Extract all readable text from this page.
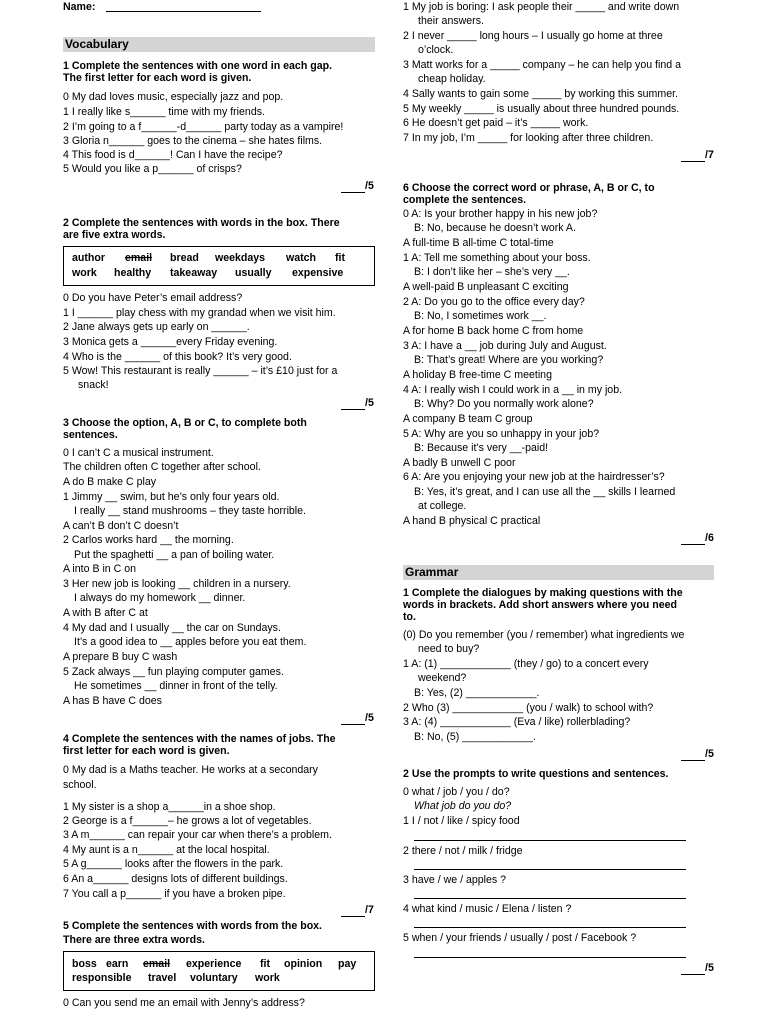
Name:
Vocabulary
1 Complete the sentences with one word in each gap.
The first letter for each word is given.
0 My dad loves music, especially jazz and pop.
1 I really like s______ time with my friends.
2 I’m going to a f______-d______ party today as a vampire!
3 Gloria n______ goes to the cinema – she hates films.
4 This food is d______! Can I have the recipe?
5 Would you like a p______ of crisps?
/5
2 Complete the sentences with words in the box. There
are five extra words.
author email bread weekdays watch fit
work healthy takeaway usually expensive
0 Do you have Peter’s email address?
1 I ______ play chess with my grandad when we visit him.
2 Jane always gets up early on ______.
3 Monica gets a ______every Friday evening.
4 Who is the ______ of this book? It’s very good.
5 Wow! This restaurant is really ______ – it’s £10 just for a
snack!
/5
3 Choose the option, A, B or C, to complete both
sentences.
0 I can’t C a musical instrument.
The children often C together after school.
A do B make C play
1 Jimmy __ swim, but he’s only four years old.
I really __ stand mushrooms – they taste horrible.
A can’t B don’t C doesn’t
2 Carlos works hard __ the morning.
Put the spaghetti __ a pan of boiling water.
A into B in C on
3 Her new job is looking __ children in a nursery.
I always do my homework __ dinner.
A with B after C at
4 My dad and I usually __ the car on Sundays.
It’s a good idea to __ apples before you eat them.
A prepare B buy C wash
5 Zack always __ fun playing computer games.
He sometimes __ dinner in front of the telly.
A has B have C does
/5
4 Complete the sentences with the names of jobs. The
first letter for each word is given.
0 My dad is a Maths teacher. He works at a secondary
school.
1 My sister is a shop a______in a shoe shop.
2 George is a f______– he grows a lot of vegetables.
3 A m______ can repair your car when there’s a problem.
4 My aunt is a n______ at the local hospital.
5 A g______ looks after the flowers in the park.
6 An a______ designs lots of different buildings.
7 You call a p______ if you have a broken pipe.
/7
5 Complete the sentences with words from the box.
There are three extra words.
boss earn email experience fit opinion pay
responsible travel voluntary work
0 Can you send me an email with Jenny’s address?
1 My job is boring: I ask people their _____ and write down
their answers.
2 I never _____ long hours – I usually go home at three
o’clock.
3 Matt works for a _____ company – he can help you find a
cheap holiday.
4 Sally wants to gain some _____ by working this summer.
5 My weekly _____ is usually about three hundred pounds.
6 He doesn’t get paid – it’s _____ work.
7 In my job, I’m _____ for looking after three children.
/7
6 Choose the correct word or phrase, A, B or C, to
complete the sentences.
0 A: Is your brother happy in his new job?
B: No, because he doesn’t work A.
A full-time B all-time C total-time
1 A: Tell me something about your boss.
B: I don’t like her – she’s very __.
A well-paid B unpleasant C exciting
2 A: Do you go to the office every day?
B: No, I sometimes work __.
A for home B back home C from home
3 A: I have a __ job during July and August.
B: That’s great! Where are you working?
A holiday B free-time C meeting
4 A: I really wish I could work in a __ in my job.
B: Why? Do you normally work alone?
A company B team C group
5 A: Why are you so unhappy in your job?
B: Because it’s very __-paid!
A badly B unwell C poor
6 A: Are you enjoying your new job at the hairdresser’s?
B: Yes, it’s great, and I can use all the __ skills I learned
at college.
A hand B physical C practical
/6
Grammar
1 Complete the dialogues by making questions with the
words in brackets. Add short answers where you need
to.
(0) Do you remember (you / remember) what ingredients we
need to buy?
1 A: (1) ____________ (they / go) to a concert every
weekend?
B: Yes, (2) ____________.
2 Who (3) ____________ (you / walk) to school with?
3 A: (4) ____________ (Eva / like) rollerblading?
B: No, (5) ____________.
/5
2 Use the prompts to write questions and sentences.
0 what / job / you / do?
What job do you do?
1 I / not / like / spicy food
2 there / not / milk / fridge
3 have / we / apples ?
4 what kind / music / Elena / listen ?
5 when / your friends / usually / post / Facebook ?
/5
